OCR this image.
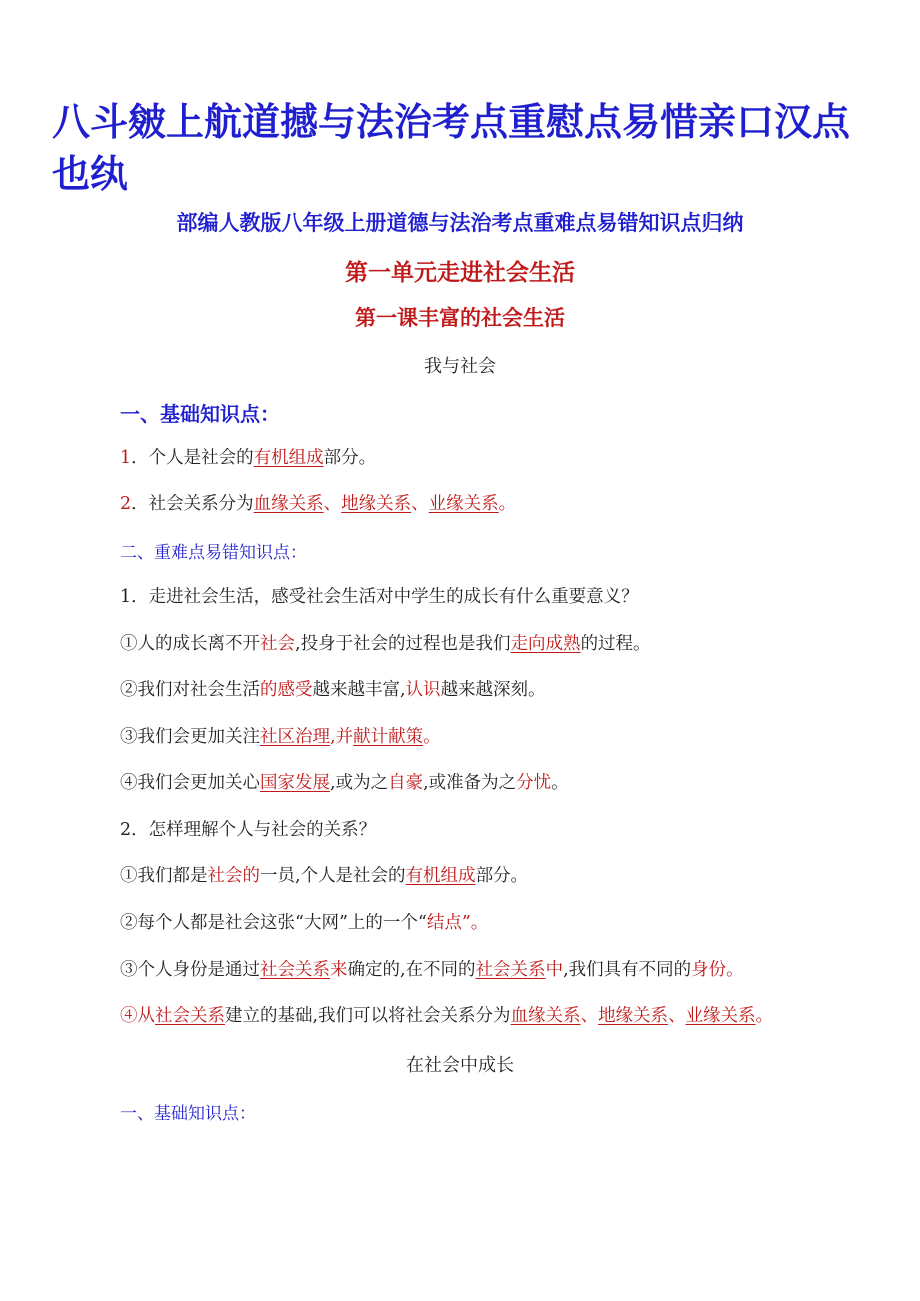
八斗皴上航道撼与法治考点重慰点易惜亲口汉点也纨
部编人教版八年级上册道德与法治考点重难点易错知识点归纳
第一单元走进社会生活
第一课丰富的社会生活
我与社会
一、基础知识点：
1．个人是社会的有机组成部分。
2．社会关系分为血缘关系、地缘关系、业缘关系。
二、重难点易错知识点：
1．走进社会生活，感受社会生活对中学生的成长有什么重要意义？
①人的成长离不开社会,投身于社会的过程也是我们走向成熟的过程。
②我们对社会生活的感受越来越丰富,认识越来越深刻。
③我们会更加关注社区治理,并献计献策。
④我们会更加关心国家发展,或为之自豪,或准备为之分忧。
2．怎样理解个人与社会的关系？
①我们都是社会的一员,个人是社会的有机组成部分。
②每个人都是社会这张“大网”上的一个“结点”。
③个人身份是通过社会关系来确定的,在不同的社会关系中,我们具有不同的身份。
④从社会关系建立的基础,我们可以将社会关系分为血缘关系、地缘关系、业缘关系。
在社会中成长
一、基础知识点：
